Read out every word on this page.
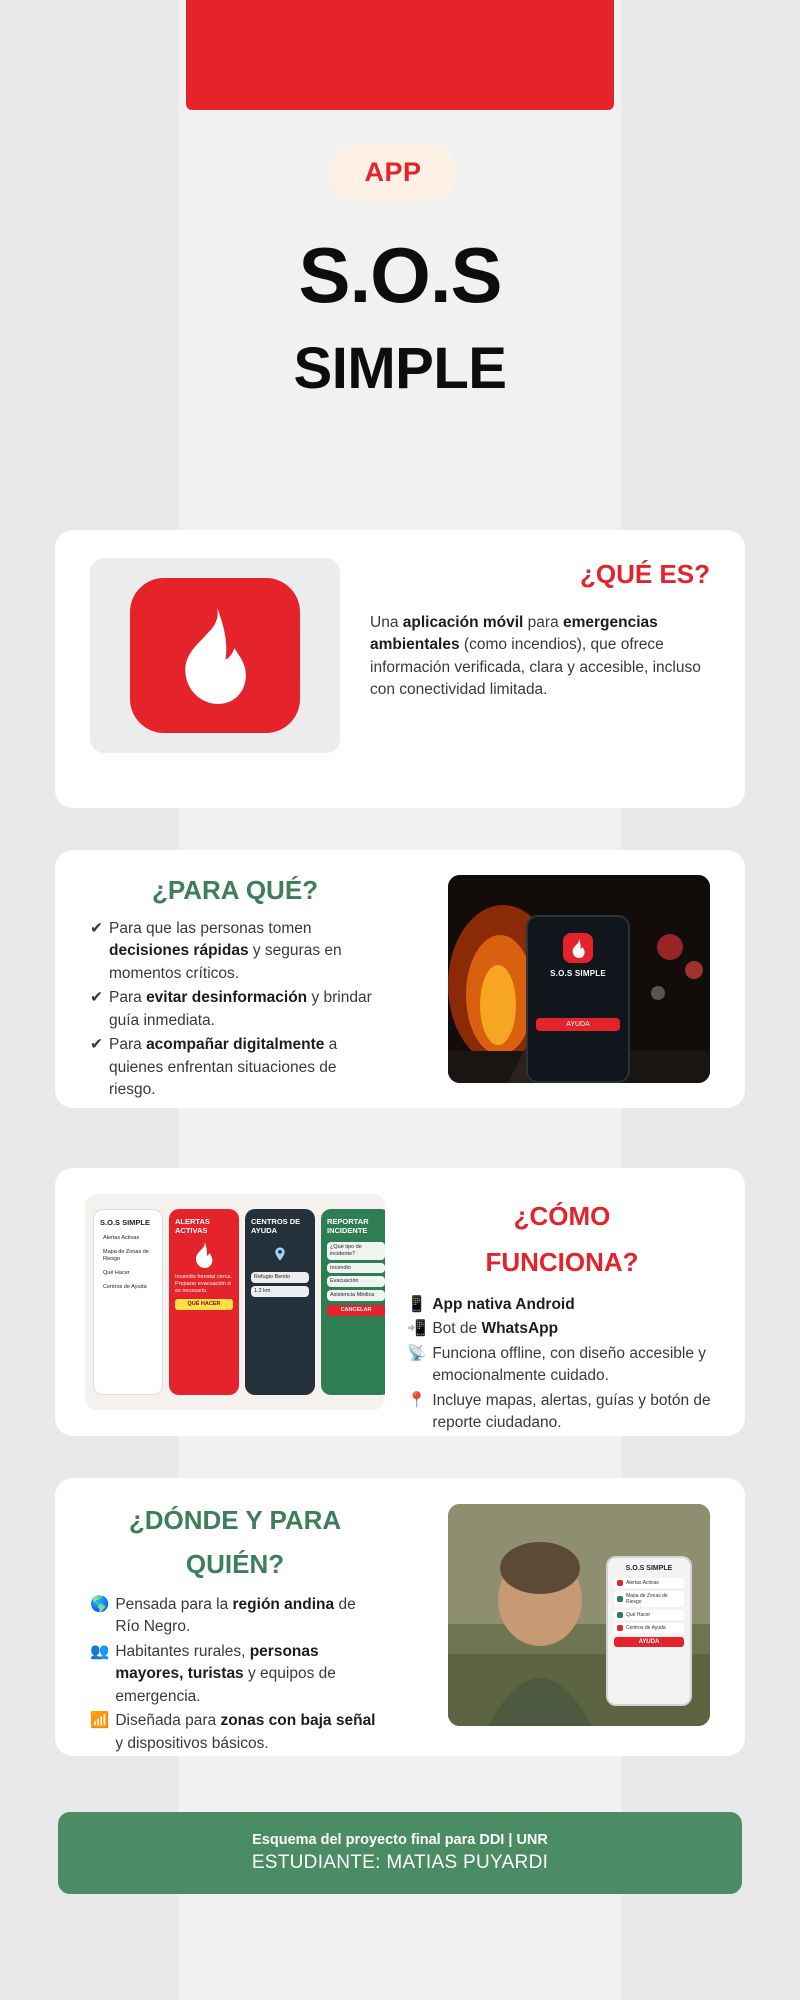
APP
S.O.S
SIMPLE
¿QUÉ ES?
Una aplicación móvil para emergencias ambientales (como incendios), que ofrece información verificada, clara y accesible, incluso con conectividad limitada.
¿PARA QUÉ?
✔ Para que las personas tomen decisiones rápidas y seguras en momentos críticos.
✔ Para evitar desinformación y brindar guía inmediata.
✔ Para acompañar digitalmente a quienes enfrentan situaciones de riesgo.
S.O.S SIMPLE
AYUDA
S.O.S SIMPLE
Alertas Activas
Mapa de Zonas de Riesgo
Qué Hacer
Centros de Ayuda
ALERTAS ACTIVAS
Incendio forestal cerca. Preparar evacuación si es necesario.
QUÉ HACER
CENTROS DE AYUDA
Refugio Benito
1.2 km
REPORTAR INCIDENTE
¿Qué tipo de incidente?
Incendio
Evacuación
Asistencia Médica
CANCELAR
¿CÓMO
FUNCIONA?
📱 App nativa Android
📲 Bot de WhatsApp
📡 Funciona offline, con diseño accesible y emocionalmente cuidado.
📍 Incluye mapas, alertas, guías y botón de reporte ciudadano.
¿DÓNDE Y PARA
QUIÉN?
🌎 Pensada para la región andina de Río Negro.
👥 Habitantes rurales, personas mayores, turistas y equipos de emergencia.
📶 Diseñada para zonas con baja señal y dispositivos básicos.
S.O.S SIMPLE
Alertas Activas
Mapa de Zonas de Riesgo
Qué Hacer
Centros de Ayuda
AYUDA
Esquema del proyecto final para DDI | UNR
ESTUDIANTE: MATIAS PUYARDI
